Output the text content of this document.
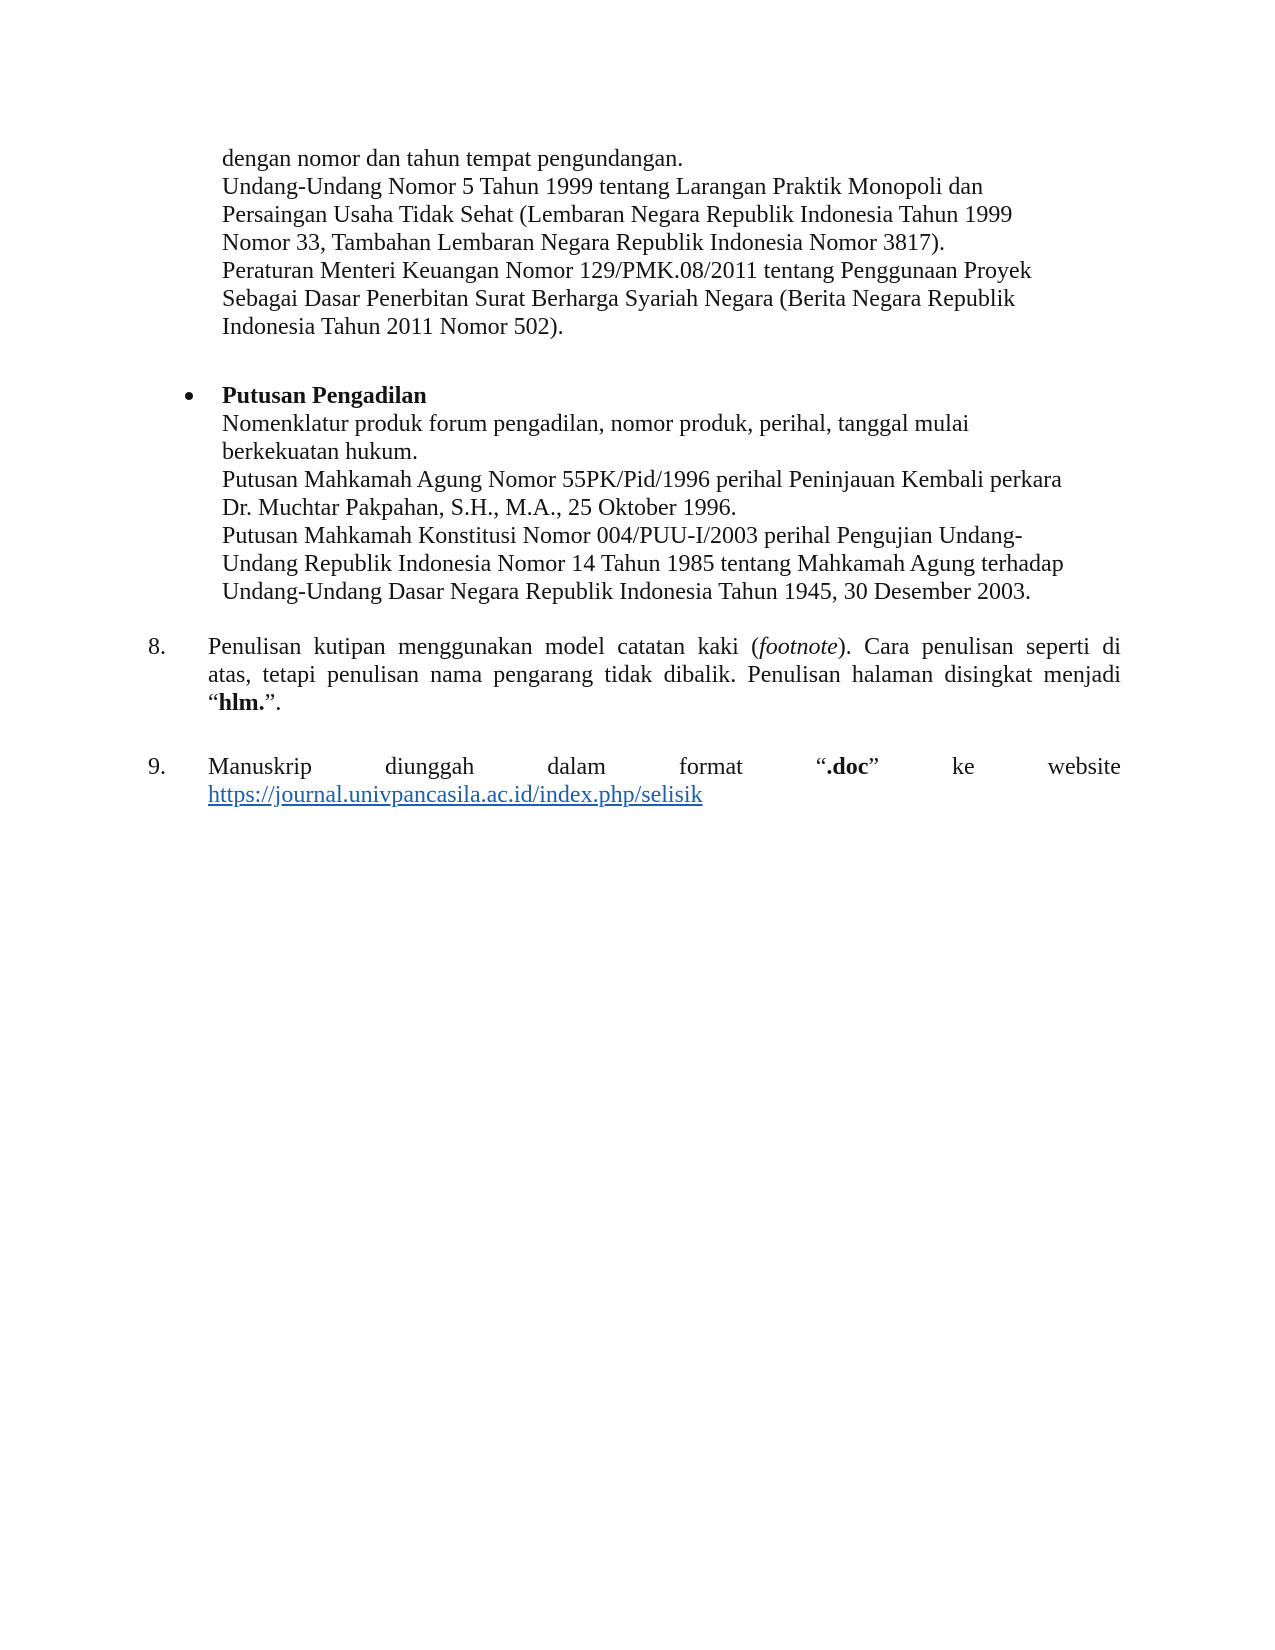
dengan nomor dan tahun tempat pengundangan.
Undang-Undang Nomor 5 Tahun 1999 tentang Larangan Praktik Monopoli dan
Persaingan Usaha Tidak Sehat (Lembaran Negara Republik Indonesia Tahun 1999
Nomor 33, Tambahan Lembaran Negara Republik Indonesia Nomor 3817).
Peraturan Menteri Keuangan Nomor 129/PMK.08/2011 tentang Penggunaan Proyek
Sebagai Dasar Penerbitan Surat Berharga Syariah Negara (Berita Negara Republik
Indonesia Tahun 2011 Nomor 502).
Putusan Pengadilan
Nomenklatur produk forum pengadilan, nomor produk, perihal, tanggal mulai
berkekuatan hukum.
Putusan Mahkamah Agung Nomor 55PK/Pid/1996 perihal Peninjauan Kembali perkara
Dr. Muchtar Pakpahan, S.H., M.A., 25 Oktober 1996.
Putusan Mahkamah Konstitusi Nomor 004/PUU-I/2003 perihal Pengujian Undang-
Undang Republik Indonesia Nomor 14 Tahun 1985 tentang Mahkamah Agung terhadap
Undang-Undang Dasar Negara Republik Indonesia Tahun 1945, 30 Desember 2003.
8. Penulisan kutipan menggunakan model catatan kaki (footnote). Cara penulisan seperti di
atas, tetapi penulisan nama pengarang tidak dibalik. Penulisan halaman disingkat menjadi
“hlm.”.
9. Manuskrip	diunggah	dalam	format	“.doc”	ke	website
https://journal.univpancasila.ac.id/index.php/selisik
